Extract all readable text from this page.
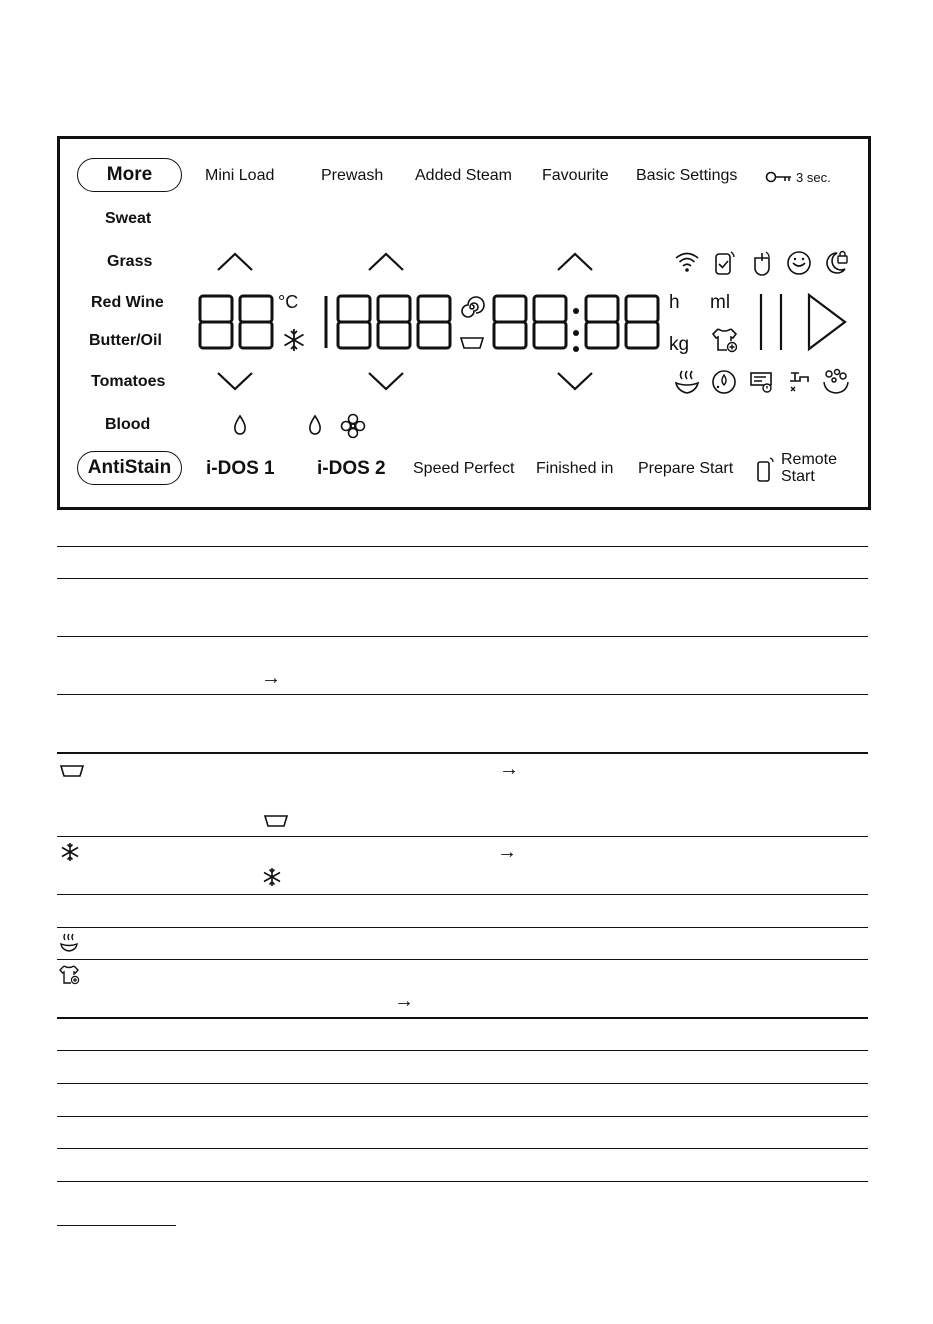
More	Mini Load	Prewash Added Steam Favourite Basic Settings	3 sec.
Sweat
Grass
Red Wine
Butter/Oil
Tomatoes
Blood
°C	h ml
kg
AntiStain i-DOS 1 i-DOS 2 Speed Perfect Finished in Prepare Start
Remote
Start
→
→
→
→
